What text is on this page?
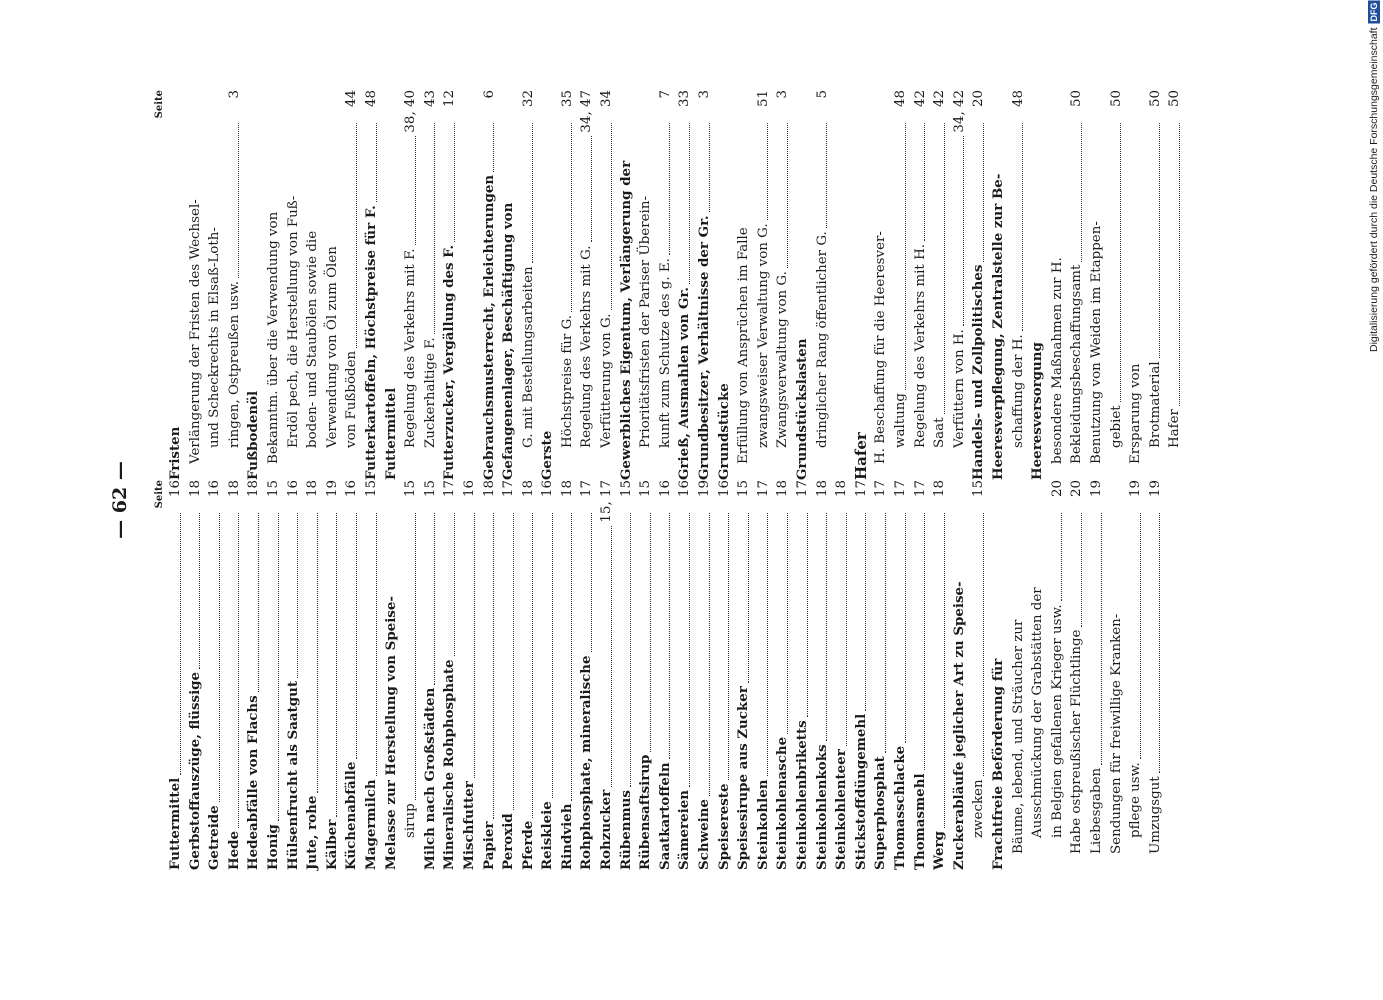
— 62 —
Seite
Futtermittel
16
Gerbstoffauszüge, flüssige
18
Getreide
16
Hede
18
Hedeabfälle von Flachs
18
Honig
15
Hülsenfrucht als Saatgut
16
Jute, rohe
18
Kälber
19
Küchenabfälle
16
Magermilch
15
Melasse zur Herstellung von Speise- sirup
15
Milch nach Großstädten
15
Mineralische Rohphosphate
17
Mischfutter
16
Papier
18
Peroxid
17
Pferde
18
Reiskleie
16
Rindvieh
18
Rohphosphate, mineralische
17
Rohzucker
15, 17
Rübenmus
15
Rübensaftsirup
15
Saatkartoffeln
16
Sämereien
16
Schweine
19
Speisereste
16
Speisesirupe aus Zucker
15
Steinkohlen
17
Steinkohlenasche
18
Steinkohlenbriketts
17
Steinkohlenkoks
18
Steinkohlenteer
18
Stickstoffdüngemehl
17
Superphosphat
17
Thomasschlacke
17
Thomasmehl
17
Werg
18
Zuckerabläufe jeglicher Art zu Speise- zwecken
15
Frachtfreie Beförderung für Bäume, lebend, und Sträucher zur Ausschmückung der Grabstätten der in Belgien gefallenen Krieger usw.
20
Habe ostpreußischer Flüchtlinge
20
Liebesgaben
19
Sendungen für freiwillige Kranken- pflege usw.
19
Umzugsgut
19
Seite
Fristen Verlängerung der Fristen des Wechsel- und Scheckrechts in Elsaß-Loth- ringen, Ostpreußen usw.
3
Fußbodenöl Bekanntm. über die Verwendung von Erdöl pech, die Herstellung von Fuß- boden- und Staubölen sowie die Verwendung von Öl zum Ölen von Fußböden
44
Futterkartoffeln, Höchstpreise für F.
48
Futtermittel Regelung des Verkehrs mit F.
38, 40
Zuckerhaltige F.
43
Futterzucker, Vergällung des F.
12
Gebrauchsmusterrecht, Erleichterungen
6
Gefangenenlager, Beschäftigung von G. mit Bestellungsarbeiten
32
Gerste
Höchstpreise für G.
35
Regelung des Verkehrs mit G.
34, 47
Verfütterung von G.
34
Gewerbliches Eigentum, Verlängerung der Prioritätsfristen der Pariser Überein- kunft zum Schutze des g. E.
7
Grieß, Ausmahlen von Gr.
33
Grundbesitzer, Verhältnisse der Gr.
3
Grundstücke Erfüllung von Ansprüchen im Falle zwangsweiser Verwaltung von G.
51
Zwangsverwaltung von G.
3
Grundstückslasten dringlicher Rang öffentlicher G.
5
Hafer H. Beschaffung für die Heeresver- waltung
48
Regelung des Verkehrs mit H.
42
Saat
42
Verfüttern von H.
34, 42
Handels- und Zollpolitisches
20
Heeresverpflegung, Zentralstelle zur Be- schaffung der H.
48
Heeresversorgung besondere Maßnahmen zur H. Bekleidungsbeschaffungsamt
50
Benutzung von Weiden im Etappen- gebiet
50
Ersparung von Brotmaterial
50
Hafer
50	Digitalisierung gefördert durch die Deutsche Forschungsgemeinschaft
DFG
